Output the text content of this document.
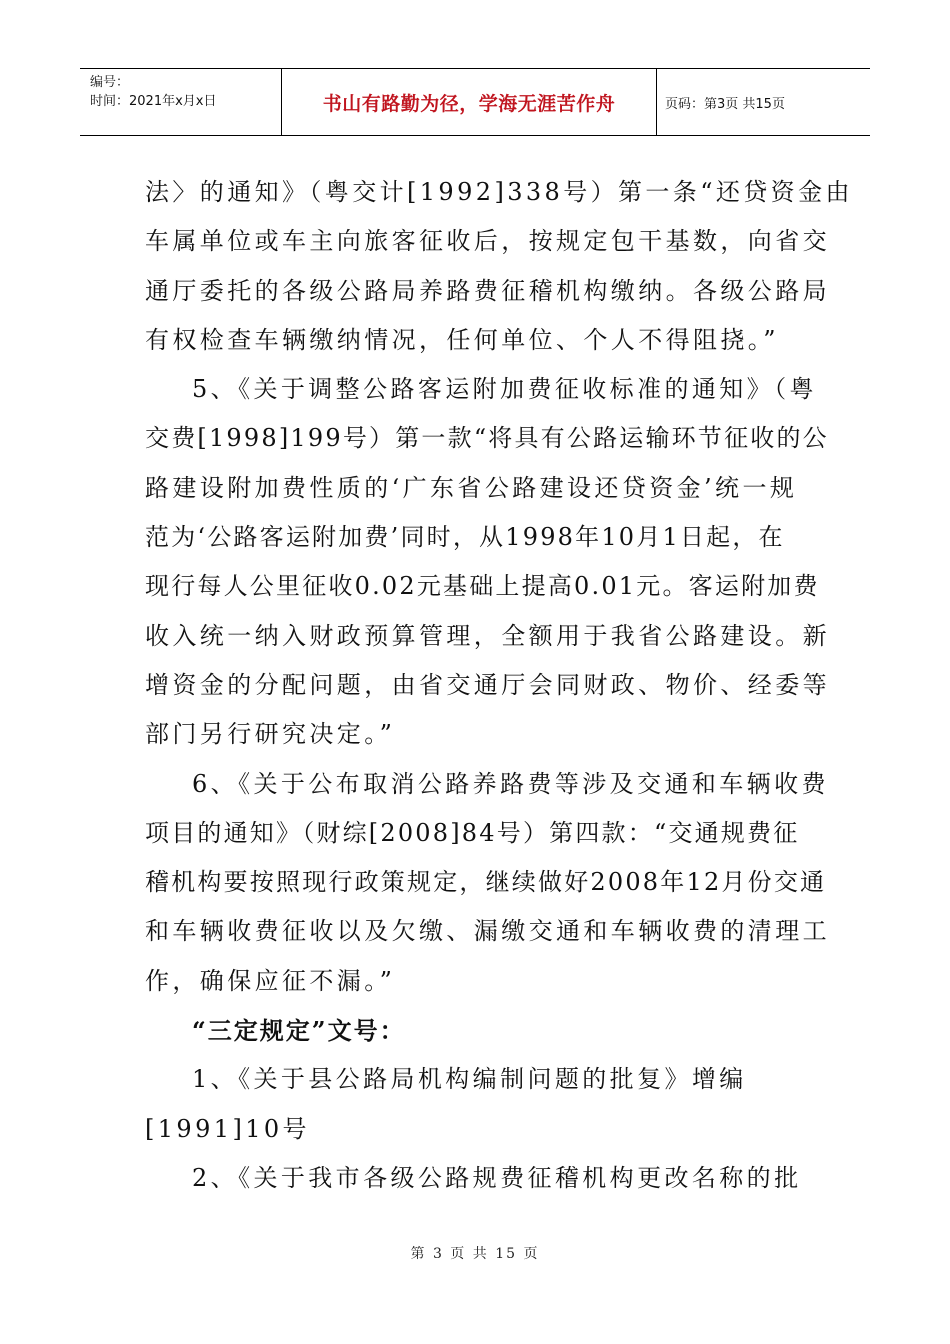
编号：
时间：2021年x月x日	书山有路勤为径，学海无涯苦作舟	页码：第3页 共15页
法〉的通知》（粤交计[1992]338号）第一条“还贷资金由
车属单位或车主向旅客征收后，按规定包干基数，向省交
通厅委托的各级公路局养路费征稽机构缴纳。各级公路局
有权检查车辆缴纳情况，任何单位、个人不得阻挠。”
5、《关于调整公路客运附加费征收标准的通知》（粤
交费[1998]199号）第一款“将具有公路运输环节征收的公
路建设附加费性质的‘广东省公路建设还贷资金’统一规
范为‘公路客运附加费’同时，从1998年10月1日起，在
现行每人公里征收0.02元基础上提高0.01元。客运附加费
收入统一纳入财政预算管理，全额用于我省公路建设。新
增资金的分配问题，由省交通厅会同财政、物价、经委等
部门另行研究决定。”
6、《关于公布取消公路养路费等涉及交通和车辆收费
项目的通知》（财综[2008]84号）第四款：“交通规费征
稽机构要按照现行政策规定，继续做好2008年12月份交通
和车辆收费征收以及欠缴、漏缴交通和车辆收费的清理工
作，确保应征不漏。”
“三定规定”文号：
1、《关于县公路局机构编制问题的批复》增编
[1991]10号
2、《关于我市各级公路规费征稽机构更改名称的批
第 3 页 共 15 页
